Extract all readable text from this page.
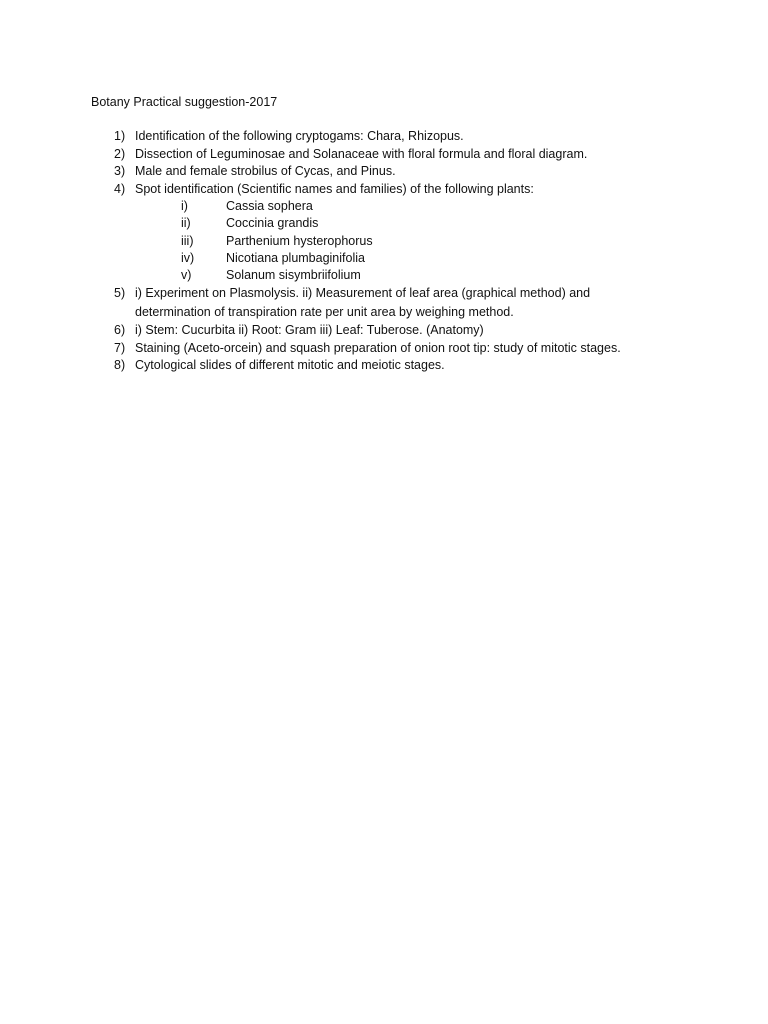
Botany Practical suggestion-2017
1) Identification of the following cryptogams: Chara, Rhizopus.
2) Dissection of Leguminosae and Solanaceae with floral formula and floral diagram.
3) Male and female strobilus of Cycas, and Pinus.
4) Spot identification (Scientific names and families) of the following plants:
i)	Cassia sophera
ii)	Coccinia grandis
iii)	Parthenium hysterophorus
iv)	Nicotiana plumbaginifolia
v)	Solanum sisymbriifolium
5) i) Experiment on Plasmolysis. ii) Measurement of leaf area (graphical method) and
determination of transpiration rate per unit area by weighing method.
6) i) Stem: Cucurbita ii) Root: Gram iii) Leaf: Tuberose. (Anatomy)
7) Staining (Aceto-orcein) and squash preparation of onion root tip: study of mitotic stages.
8) Cytological slides of different mitotic and meiotic stages.
